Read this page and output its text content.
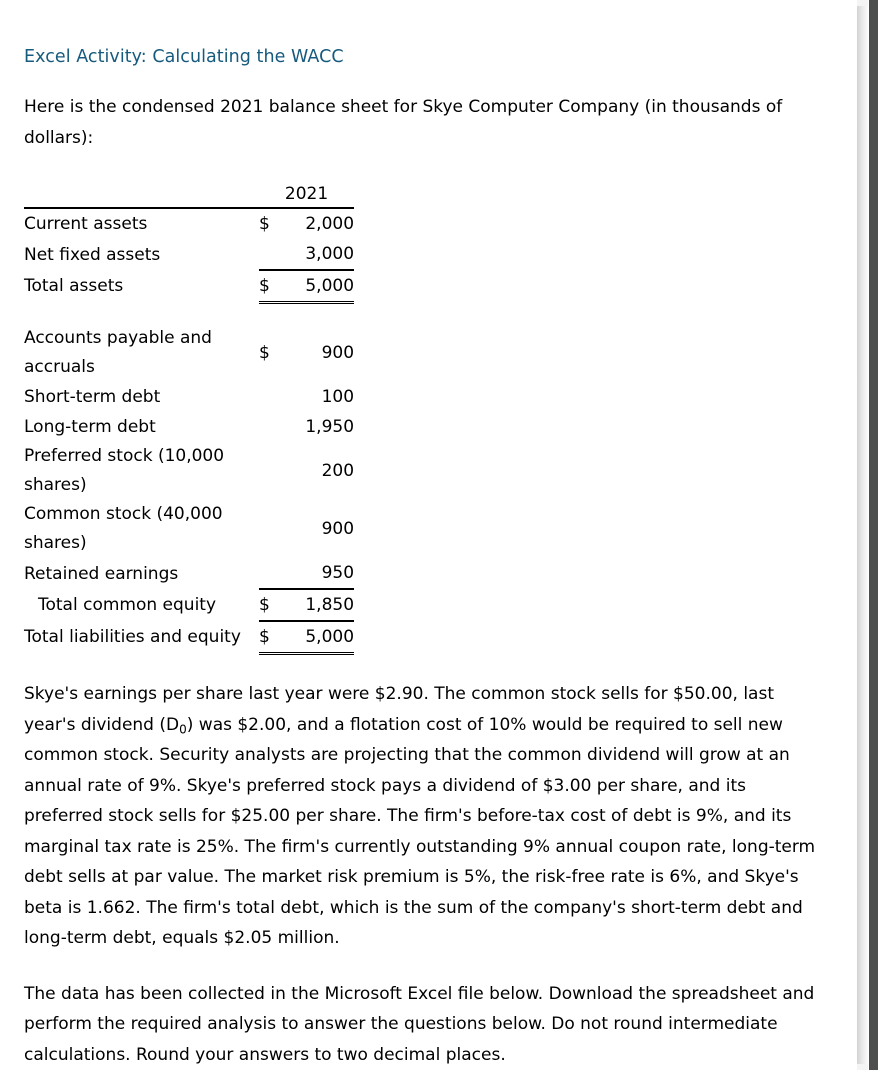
Excel Activity: Calculating the WACC

Here is the condensed 2021 balance sheet for Skye Computer Company (in thousands of dollars):

	2021	

Current assets	$	2,000
Net fixed assets		3,000
Total assets	$	5,000

Accounts payable and accruals	$	900
Short-term debt		100
Long-term debt		1,950
Preferred stock (10,000 shares)		200
Common stock (40,000 shares)		900
Retained earnings		950
Total common equity	$	1,850
Total liabilities and equity	$	5,000

Skye's earnings per share last year were $2.90. The common stock sells for $50.00, last year's dividend $(D_0)$ was $2.00, and a flotation cost of 10% would be required to sell new common stock. Security analysts are projecting that the common dividend will grow at an annual rate of 9%. Skye's preferred stock pays a dividend of $3.00 per share, and its preferred stock sells for $25.00 per share. The firm's before-tax cost of debt is 9%, and its marginal tax rate is 25%. The firm's currently outstanding 9% annual coupon rate, long-term debt sells at par value. The market risk premium is 5%, the risk-free rate is 6%, and Skye's beta is 1.662. The firm's total debt, which is the sum of the company's short-term debt and long-term debt, equals $2.05 million.

The data has been collected in the Microsoft Excel file below. Download the spreadsheet and perform the required analysis to answer the questions below. Do not round intermediate calculations. Round your answers to two decimal places.
